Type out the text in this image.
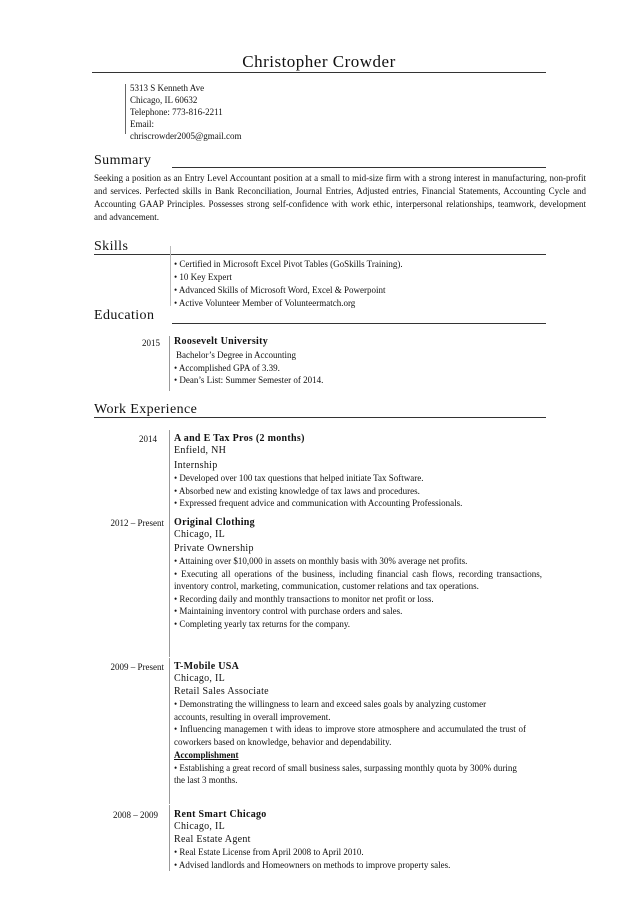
Christopher Crowder
5313 S Kenneth Ave
Chicago, IL 60632
Telephone: 773-816-2211
Email:
chriscrowder2005@gmail.com
Summary
Seeking a position as an Entry Level Accountant position at a small to mid-size firm with a strong interest in manufacturing, non-profit and services. Perfected skills in Bank Reconciliation, Journal Entries, Adjusted entries, Financial Statements, Accounting Cycle and Accounting GAAP Principles. Possesses strong self-confidence with work ethic, interpersonal relationships, teamwork, development and advancement.
Skills
• Certified in Microsoft Excel Pivot Tables (GoSkills Training).
• 10 Key Expert
• Advanced Skills of Microsoft Word, Excel & Powerpoint
• Active Volunteer Member of Volunteermatch.org
Education
2015 Roosevelt University
Bachelor’s Degree in Accounting
• Accomplished GPA of 3.39.
• Dean’s List: Summer Semester of 2014.
Work Experience
2014 A and E Tax Pros (2 months)
Enfield, NH
Internship
• Developed over 100 tax questions that helped initiate Tax Software.
• Absorbed new and existing knowledge of tax laws and procedures.
• Expressed frequent advice and communication with Accounting Professionals.
2012 – Present Original Clothing
Chicago, IL
Private Ownership
• Attaining over $10,000 in assets on monthly basis with 30% average net profits.
• Executing all operations of the business, including financial cash flows, recording transactions, inventory control, marketing, communication, customer relations and tax operations.
• Recording daily and monthly transactions to monitor net profit or loss.
• Maintaining inventory control with purchase orders and sales.
• Completing yearly tax returns for the company.
2009 – Present T-Mobile USA
Chicago, IL
Retail Sales Associate
• Demonstrating the willingness to learn and exceed sales goals by analyzing customer accounts, resulting in overall improvement.
• Influencing managemen t with ideas to improve store atmosphere and accumulated the trust of coworkers based on knowledge, behavior and dependability.
Accomplishment
• Establishing a great record of small business sales, surpassing monthly quota by 300% during the last 3 months.
2008 – 2009 Rent Smart Chicago
Chicago, IL
Real Estate Agent
• Real Estate License from April 2008 to April 2010.
• Advised landlords and Homeowners on methods to improve property sales.
